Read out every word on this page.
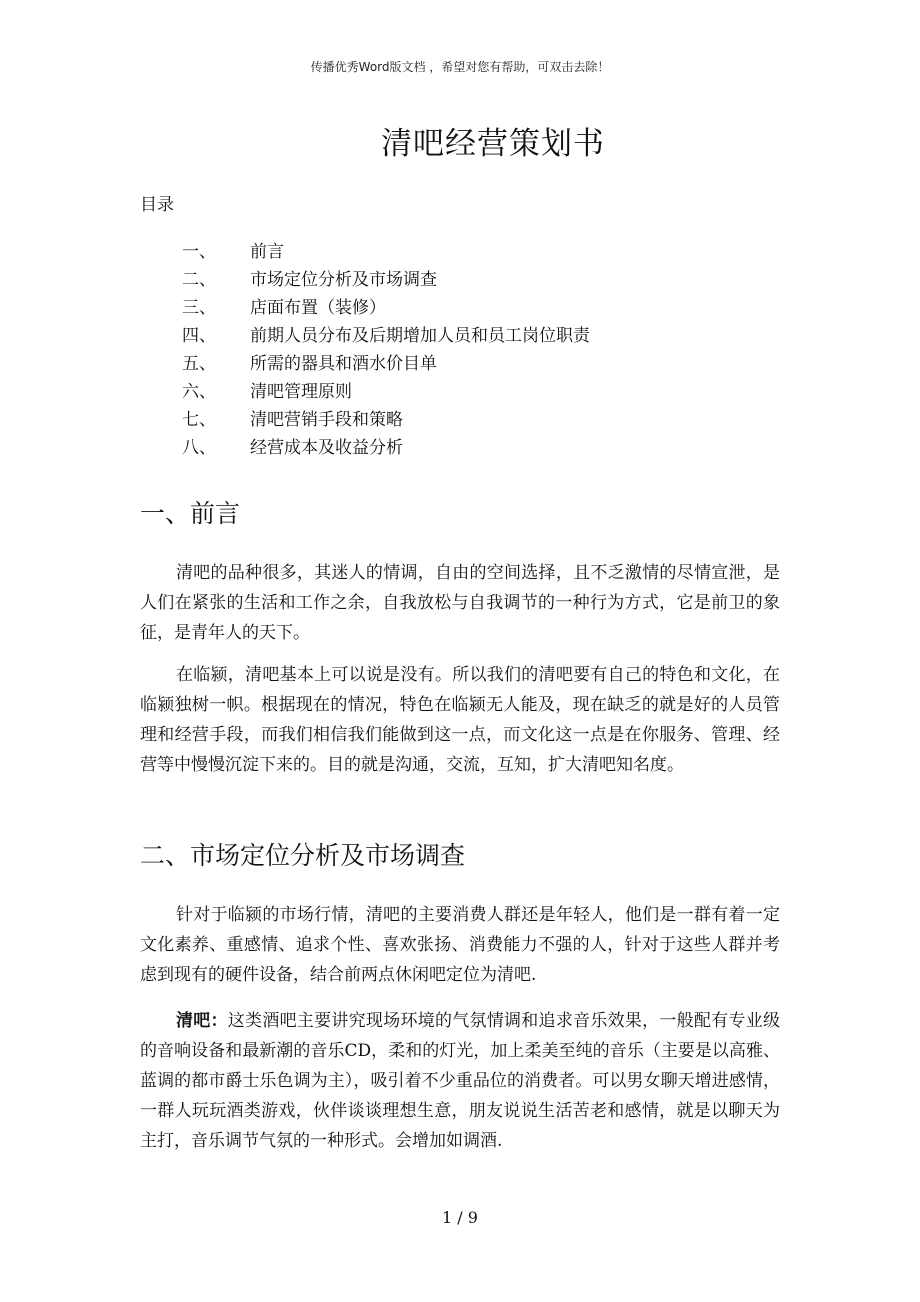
传播优秀Word版文档 ，希望对您有帮助，可双击去除！
清吧经营策划书
目录
一、	前言
二、	市场定位分析及市场调查
三、	店面布置（装修）
四、	前期人员分布及后期增加人员和员工岗位职责
五、	所需的器具和酒水价目单
六、	清吧管理原则
七、	清吧营销手段和策略
八、	经营成本及收益分析
一、前言

清吧的品种很多，其迷人的情调，自由的空间选择，且不乏激情的尽情宣泄，是人们在紧张的生活和工作之余，自我放松与自我调节的一种行为方式，它是前卫的象征，是青年人的天下。

在临颍，清吧基本上可以说是没有。所以我们的清吧要有自己的特色和文化，在临颍独树一帜。根据现在的情况，特色在临颍无人能及，现在缺乏的就是好的人员管理和经营手段，而我们相信我们能做到这一点，而文化这一点是在你服务、管理、经营等中慢慢沉淀下来的。目的就是沟通，交流，互知，扩大清吧知名度。

二、市场定位分析及市场调查

针对于临颍的市场行情，清吧的主要消费人群还是年轻人，他们是一群有着一定文化素养、重感情、追求个性、喜欢张扬、消费能力不强的人，针对于这些人群并考虑到现有的硬件设备，结合前两点休闲吧定位为清吧.

清吧：这类酒吧主要讲究现场环境的气氛情调和追求音乐效果，一般配有专业级的音响设备和最新潮的音乐CD，柔和的灯光，加上柔美至纯的音乐（主要是以高雅、蓝调的都市爵士乐色调为主），吸引着不少重品位的消费者。可以男女聊天增进感情，一群人玩玩酒类游戏，伙伴谈谈理想生意，朋友说说生活苦老和感情，就是以聊天为主打，音乐调节气氛的一种形式。会增加如调酒.

1 / 9
